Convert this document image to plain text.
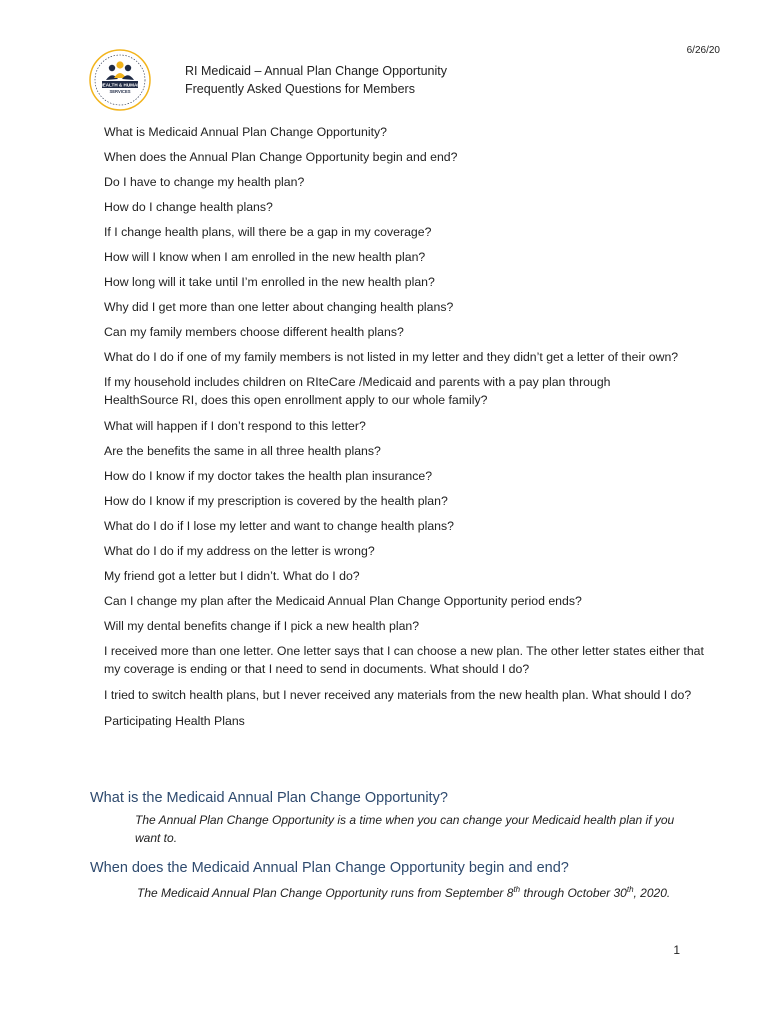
6/26/20
HEALTH & HUMAN
SERVICES
RI Medicaid – Annual Plan Change Opportunity
Frequently Asked Questions for Members
What is Medicaid Annual Plan Change Opportunity?
When does the Annual Plan Change Opportunity begin and end?
Do I have to change my health plan?
How do I change health plans?
If I change health plans, will there be a gap in my coverage?
How will I know when I am enrolled in the new health plan?
How long will it take until I’m enrolled in the new health plan?
Why did I get more than one letter about changing health plans?
Can my family members choose different health plans?
What do I do if one of my family members is not listed in my letter and they didn’t get a letter of their own?
If my household includes children on RIteCare /Medicaid and parents with a pay plan through HealthSource RI, does this open enrollment apply to our whole family?
What will happen if I don’t respond to this letter?
Are the benefits the same in all three health plans?
How do I know if my doctor takes the health plan insurance?
How do I know if my prescription is covered by the health plan?
What do I do if I lose my letter and want to change health plans?
What do I do if my address on the letter is wrong?
My friend got a letter but I didn’t. What do I do?
Can I change my plan after the Medicaid Annual Plan Change Opportunity period ends?
Will my dental benefits change if I pick a new health plan?
I received more than one letter. One letter says that I can choose a new plan. The other letter states either that my coverage is ending or that I need to send in documents. What should I do?
I tried to switch health plans, but I never received any materials from the new health plan. What should I do?
Participating Health Plans
What is the Medicaid Annual Plan Change Opportunity?
The Annual Plan Change Opportunity is a time when you can change your Medicaid health plan if you want to.
When does the Medicaid Annual Plan Change Opportunity begin and end?
The Medicaid Annual Plan Change Opportunity runs from September 8th through October 30th, 2020.
1
